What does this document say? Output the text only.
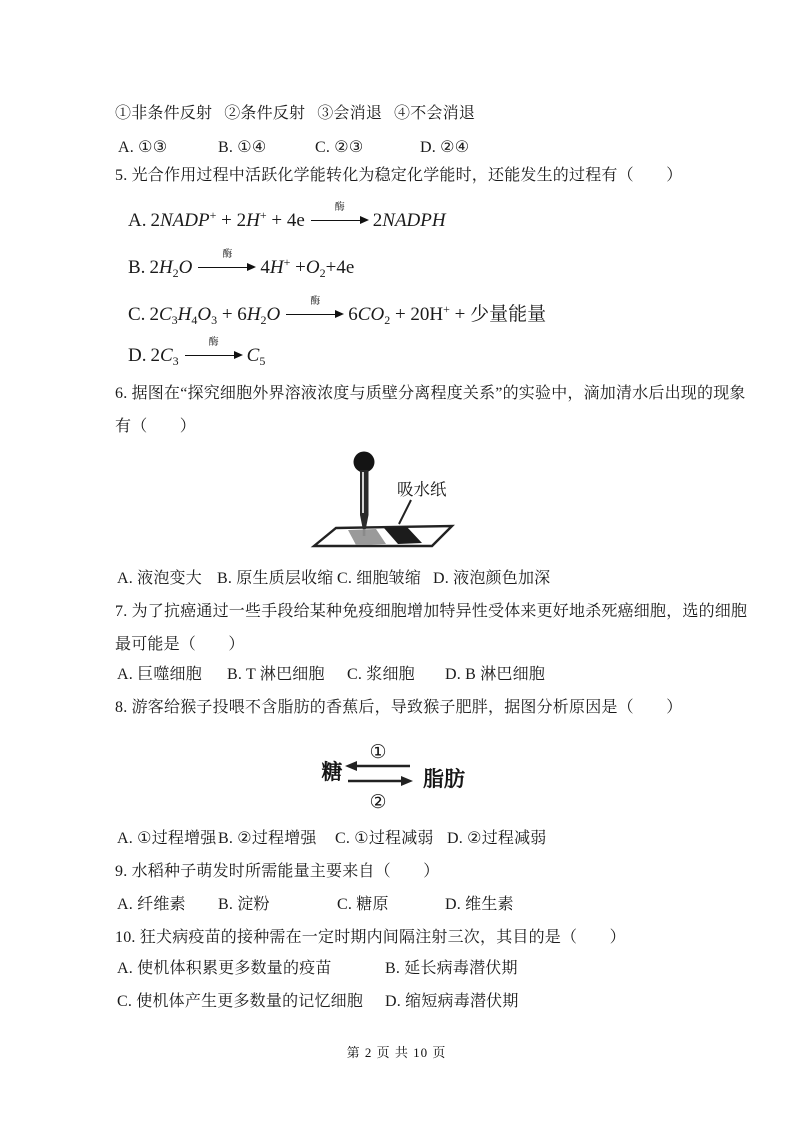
①非条件反射 ②条件反射 ③会消退 ④不会消退
A. ①③	B. ①④	C. ②③	D. ②④
5. 光合作用过程中活跃化学能转化为稳定化学能时，还能发生的过程有（　　）
A. 2NADP+ + 2H+ + 4e
酶
2NADPH
B. $2H_2O$
酶
$4H^+ +O_2+4e$
C. $2C_3H_4O_3 + 6H_2O$
酶
$6CO_2 + 20H^+$ + 少量能量
D. $2C_3$
酶
$C_5$
6. 据图在“探究细胞外界溶液浓度与质壁分离程度关系”的实验中，滴加清水后出现的现象
有（　　）
吸水纸
A. 液泡变大 B. 原生质层收缩 C. 细胞皱缩 D. 液泡颜色加深
7. 为了抗癌通过一些手段给某种免疫细胞增加特异性受体来更好地杀死癌细胞，选的细胞
最可能是（　　）
A. 巨噬细胞 B. T 淋巴细胞 C. 浆细胞 D. B 淋巴细胞
8. 游客给猴子投喂不含脂肪的香蕉后，导致猴子肥胖，据图分析原因是（　　）
糖
①
②
脂肪
A. ①过程增强 B. ②过程增强 C. ①过程减弱 D. ②过程减弱
9. 水稻种子萌发时所需能量主要来自（　　）
A. 纤维素 B. 淀粉	C. 糖原	D. 维生素
10. 狂犬病疫苗的接种需在一定时期内间隔注射三次，其目的是（　　）
A. 使机体积累更多数量的疫苗	B. 延长病毒潜伏期
C. 使机体产生更多数量的记忆细胞 D. 缩短病毒潜伏期
第 2 页 共 10 页
